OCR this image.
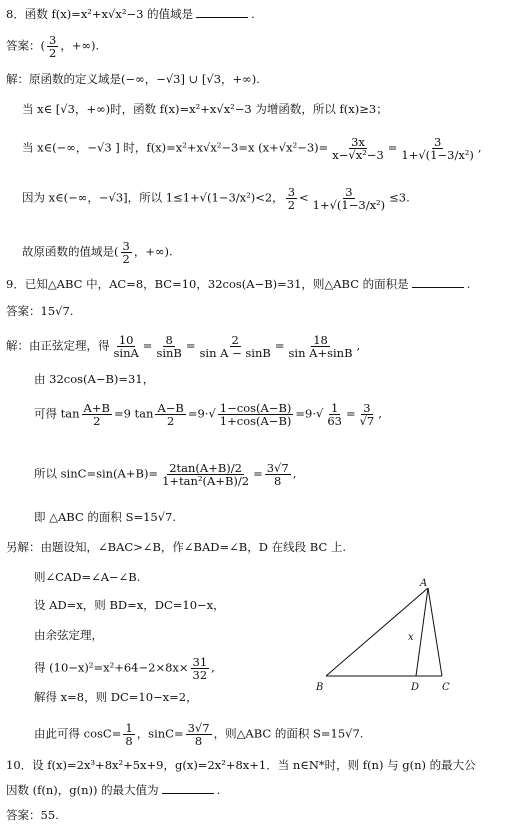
8．函数 f(x)=x²+x√x²−3 的值域是	.
答案：( $\frac{3}{2}$ ，+∞).
解：原函数的定义域是(−∞，−√3] ∪ [√3，+∞).
当 x∈ [√3，+∞)时，函数 f(x)=x²+x√x²−3 为增函数，所以 f(x)≥3；
当 x∈(−∞，−√3 ] 时，f(x)=x²+x√x²−3=x $(x+√x^2-3)= \frac{3x}{\text{x−√x²−3}} = \frac{3}{\text{1+√(1−3/x²)}}$ ,
因为 x∈(−∞，−√3]，所以 1≤1+√(1−3/x²)<2， $\frac{3}{2} < \frac{3}{\text{1+√(1−3/x²)}} \le 3$.
故原函数的值域是( $\frac{3}{2}$ ，+∞).
9．已知△ABC 中，AC=8，BC=10，32cos(A−B)=31，则△ABC 的面积是	.
答案：15√7.
解：由正弦定理，得 $\frac{10}{\sin A} = \frac{8}{\sin B} = \frac{2}{\text{sin A − sinB}} = \frac{18}{\text{sin A+sinB}}$ ,
由 32cos(A−B)=31，
可得 $\tan \frac{A+B}{2} =9$ $\tan \frac{A-B}{2} =9\cdot√ \frac{1-\cos(A-B)}{1+\cos(A-B)} =9\cdot√ \frac{1}{63} = \frac{3}{√7}$ ,
所以 $\sin C=\sin(A+B)= \frac{2\tan(A+B)/2}{\text{1+tan²(A+B)/2}} = \frac{3√7}{8}$ ,
即 △ABC 的面积 S=15√7.
另解：由题设知，∠BAC>∠B，作∠BAD=∠B，D 在线段 BC 上.
则∠CAD=∠A−∠B.
设 AD=x，则 BD=x，DC=10−x，
由余弦定理，
得 $(10-x)^2=x^2+64-2\times 8x\times \frac{31}{32}$ ,
解得 x=8，则 DC=10−x=2，
由此可得 $\cos C= \frac{1}{8}$ ，$\sin C= \frac{3√7}{8}$ ，则△ABC 的面积 S=15√7.
A
B	C
D
x
10．设 f(x)=2x³+8x²+5x+9，g(x)=2x²+8x+1．当 n∈N*时，则 f(n) 与 g(n) 的最大公
因数 (f(n)，g(n)) 的最大值为	.
答案：55.
